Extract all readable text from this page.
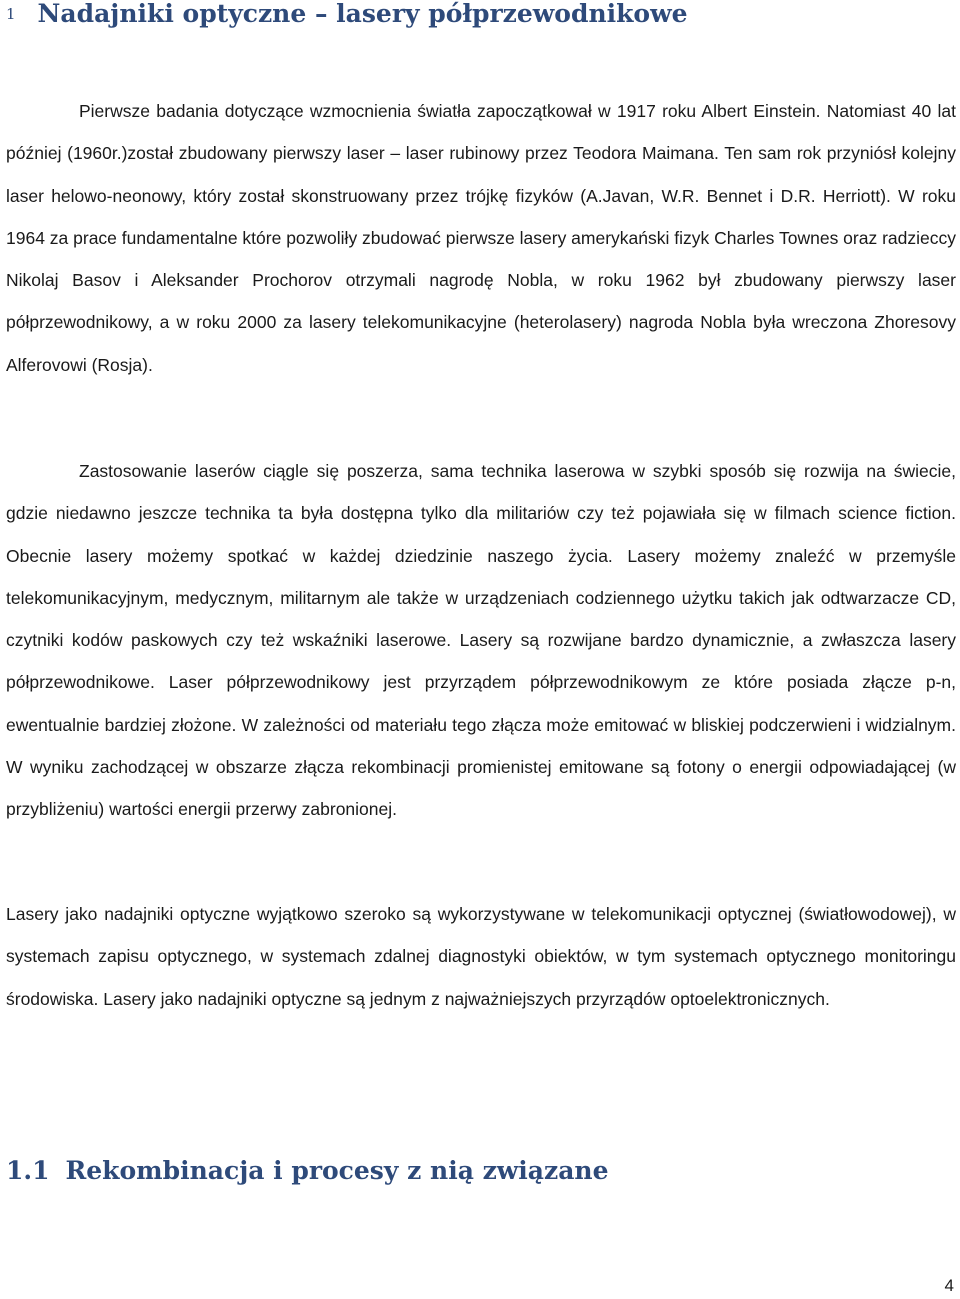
1 Nadajniki optyczne – lasery półprzewodnikowe

Pierwsze badania dotyczące wzmocnienia światła zapoczątkował w 1917 roku Albert Einstein. Natomiast 40 lat później (1960r.)został zbudowany pierwszy laser – laser rubinowy przez Teodora Maimana. Ten sam rok przyniósł kolejny laser helowo-neonowy, który został skonstruowany przez trójkę fizyków (A.Javan, W.R. Bennet i D.R. Herriott). W roku 1964 za prace fundamentalne które pozwoliły zbudować pierwsze lasery amerykański fizyk Charles Townes oraz radzieccy Nikolaj Basov i Aleksander Prochorov otrzymali nagrodę Nobla, w roku 1962 był zbudowany pierwszy laser półprzewodnikowy, a w roku 2000 za lasery telekomunikacyjne (heterolasery) nagroda Nobla była wreczona Zhoresovy Alferovowi (Rosja).

Zastosowanie laserów ciągle się poszerza, sama technika laserowa w szybki sposób się rozwija na świecie, gdzie niedawno jeszcze technika ta była dostępna tylko dla militariów czy też pojawiała się w filmach science fiction. Obecnie lasery możemy spotkać w każdej dziedzinie naszego życia. Lasery możemy znaleźć w przemyśle telekomunikacyjnym, medycznym, militarnym ale także w urządzeniach codziennego użytku takich jak odtwarzacze CD, czytniki kodów paskowych czy też wskaźniki laserowe. Lasery są rozwijane bardzo dynamicznie, a zwłaszcza lasery półprzewodnikowe. Laser półprzewodnikowy jest przyrządem półprzewodnikowym ze które posiada złącze p-n, ewentualnie bardziej złożone. W zależności od materiału tego złącza może emitować w bliskiej podczerwieni i widzialnym. W wyniku zachodzącej w obszarze złącza rekombinacji promienistej emitowane są fotony o energii odpowiadającej (w przybliżeniu) wartości energii przerwy zabronionej.

Lasery jako nadajniki optyczne wyjątkowo szeroko są wykorzystywane w telekomunikacji optycznej (światłowodowej), w systemach zapisu optycznego, w systemach zdalnej diagnostyki obiektów, w tym systemach optycznego monitoringu środowiska. Lasery jako nadajniki optyczne są jednym z najważniejszych przyrządów optoelektronicznych.

1.1 Rekombinacja i procesy z nią związane
4
